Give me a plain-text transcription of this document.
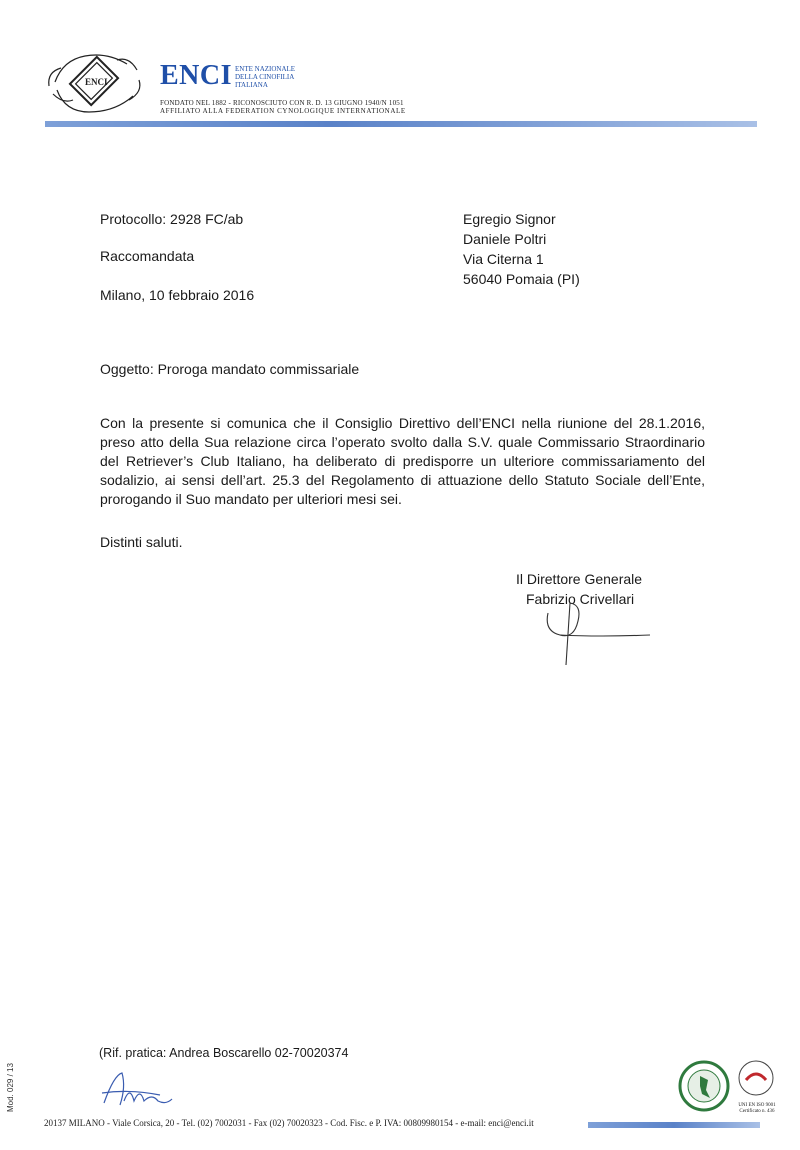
ENCI ENCI ENTE NAZIONALE
DELLA CINOFILIA
ITALIANA
FONDATO NEL 1882 - RICONOSCIUTO CON R. D. 13 GIUGNO 1940/N 1051
AFFILIATO ALLA FEDERATION CYNOLOGIQUE INTERNATIONALE
Protocollo: 2928 FC/ab
Raccomandata
Milano, 10 febbraio 2016
Egregio Signor
Daniele Poltri
Via Citerna 1
56040 Pomaia (PI)
Oggetto: Proroga mandato commissariale
Con la presente si comunica che il Consiglio Direttivo dell’ENCI nella riunione del 28.1.2016, preso atto della Sua relazione circa l’operato svolto dalla S.V. quale Commissario Straordinario del Retriever’s Club Italiano, ha deliberato di predisporre un ulteriore commissariamento del sodalizio, ai sensi dell’art. 25.3 del Regolamento di attuazione dello Statuto Sociale dell’Ente, prorogando il Suo mandato per ulteriori mesi sei.
Distinti saluti.
Il Direttore Generale
Fabrizio Crivellari
(Rif. pratica: Andrea Boscarello 02-70020374
UNI EN ISO 9001 Certificato n. 436
20137 MILANO - Viale Corsica, 20 - Tel. (02) 7002031 - Fax (02) 70020323 - Cod. Fisc. e P. IVA: 00809980154 - e-mail: enci@enci.it
Mod. 029 / 13
